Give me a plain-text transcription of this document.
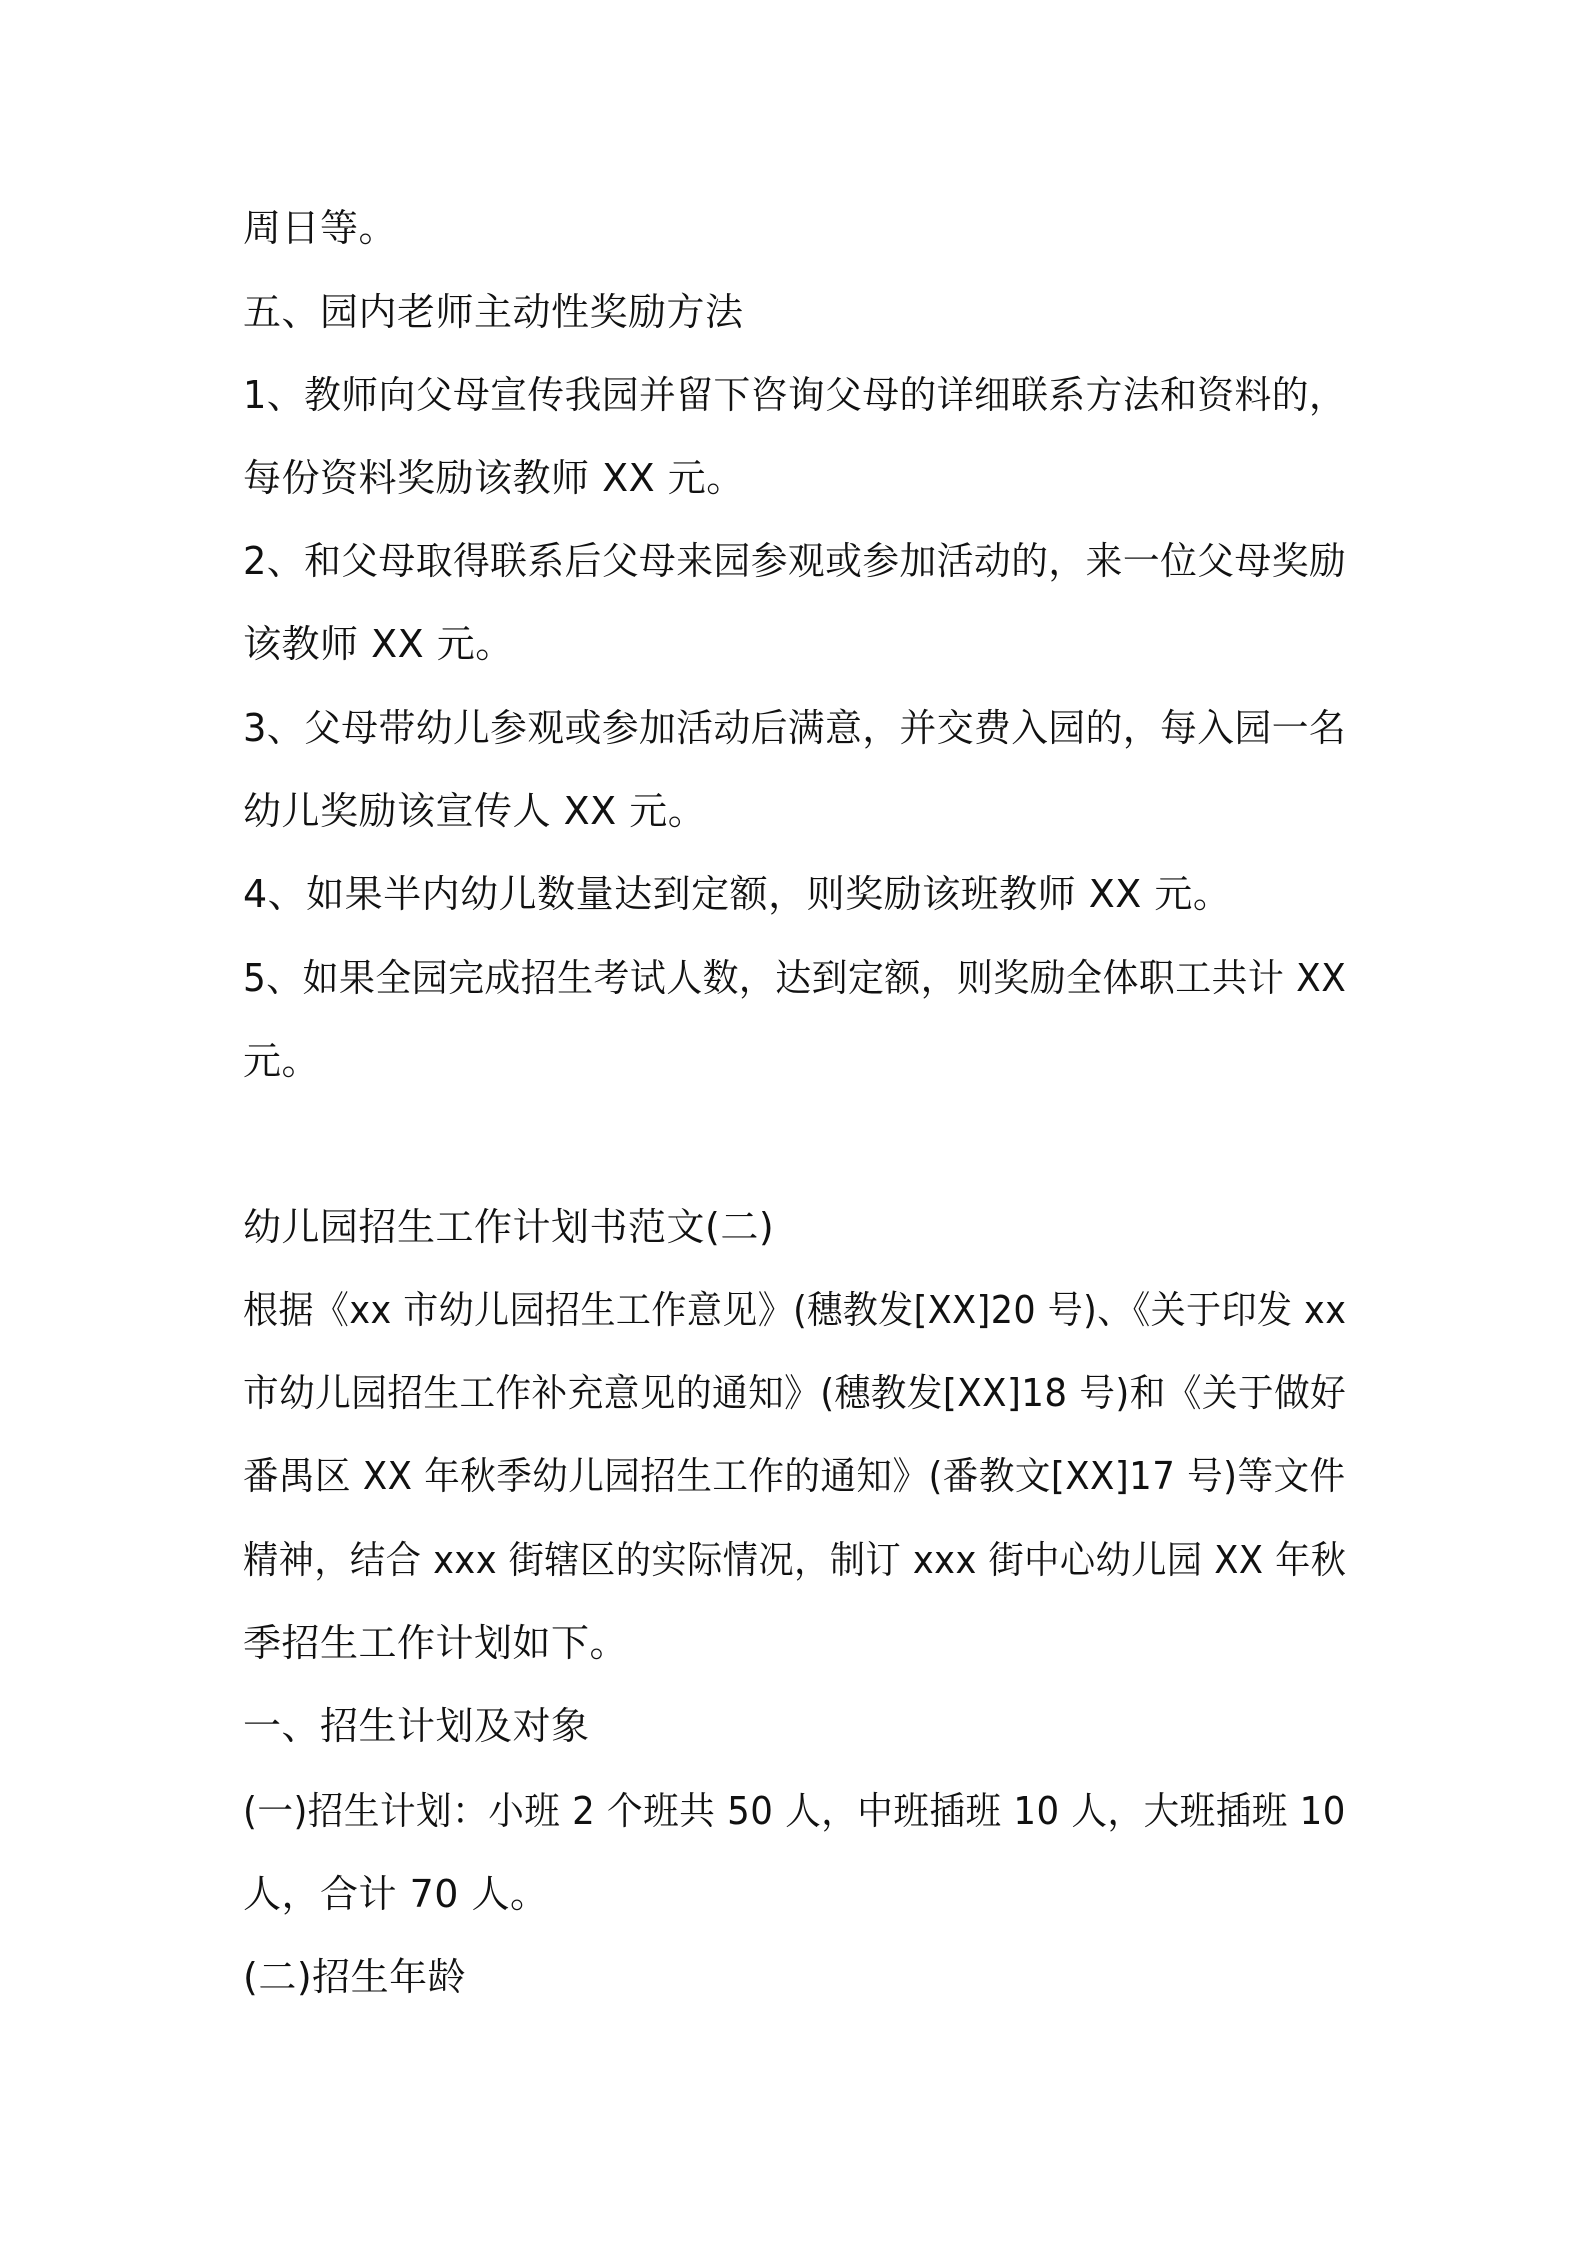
周日等。
五、园内老师主动性奖励方法
1、教师向父母宣传我园并留下咨询父母的详细联系方法和资料的，
每份资料奖励该教师 XX 元。
2、和父母取得联系后父母来园参观或参加活动的，来一位父母奖励
该教师 XX 元。
3、父母带幼儿参观或参加活动后满意，并交费入园的，每入园一名
幼儿奖励该宣传人 XX 元。
4、如果半内幼儿数量达到定额，则奖励该班教师 XX 元。
5、如果全园完成招生考试人数，达到定额，则奖励全体职工共计 XX
元。
幼儿园招生工作计划书范文(二)
根据《xx 市幼儿园招生工作意见》(穗教发[XX]20 号)、《关于印发 xx
市幼儿园招生工作补充意见的通知》(穗教发[XX]18 号)和《关于做好
番禺区 XX 年秋季幼儿园招生工作的通知》(番教文[XX]17 号)等文件
精神，结合 xxx 街辖区的实际情况，制订 xxx 街中心幼儿园 XX 年秋
季招生工作计划如下。
一、招生计划及对象
(一)招生计划：小班 2 个班共 50 人，中班插班 10 人，大班插班 10
人，合计 70 人。
(二)招生年龄
